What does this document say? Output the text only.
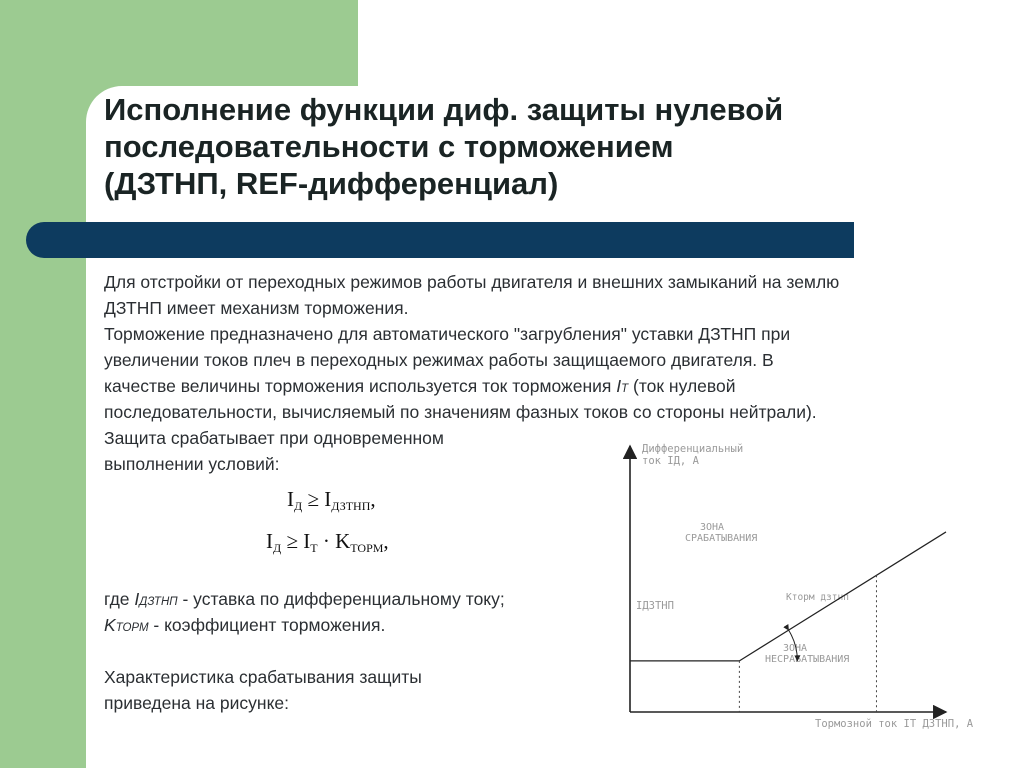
Исполнение функции диф. защиты нулевой
последовательности с торможением
(ДЗТНП, REF-дифференциал)
Для отстройки от переходных режимов работы двигателя и внешних замыканий на землю
ДЗТНП имеет механизм торможения.
Торможение предназначено для автоматического "загрубления" уставки ДЗТНП при
увеличении токов плеч в переходных режимах работы защищаемого двигателя. В
качестве величины торможения используется ток торможения IТ (ток нулевой
последовательности, вычисляемый по значениям фазных токов со стороны нейтрали).
Защита срабатывает при одновременном
выполнении условий:
IД ≥ IДЗТНП,
IД ≥ IТ · KТОРМ,
где IДЗТНП - уставка по дифференциальному току;
KТОРМ - коэффициент торможения.
Характеристика срабатывания защиты
приведена на рисунке:
Дифференциальный
ток IД, А
Тормозной ток IТ ДЗТНП, А
IДЗТНП
ЗОНА
СРАБАТЫВАНИЯ
ЗОНА
НЕСРАБАТЫВАНИЯ
Kторм дзтнп
